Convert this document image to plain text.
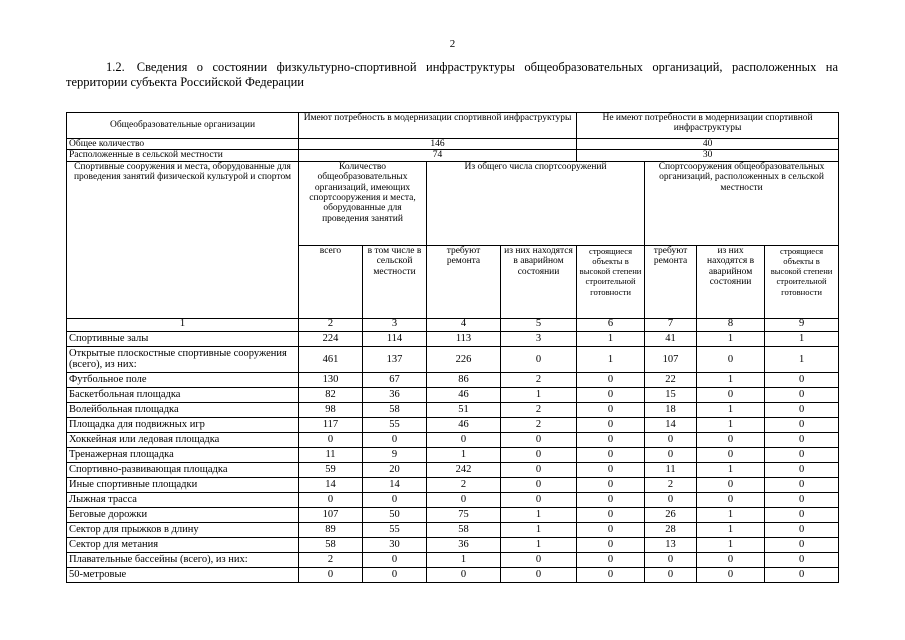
2
1.2. Сведения о состоянии физкультурно-спортивной инфраструктуры общеобразовательных организаций, расположенных на территории субъекта Российской Федерации
Общеобразовательные организации	Имеют потребность в модернизации спортивной инфраструктуры				Не имеют потребности в модернизации спортивной инфраструктуры			
Общее количество	146				40			
Расположенные в сельской местности	74				30			
Спортивные сооружения и места, оборудованные для проведения занятий физической культурой и спортом	Количество общеобразовательных организаций, имеющих спортсооружения и места, оборудованные для проведения занятий		Из общего числа спортсооружений			Спортсооружения общеобразовательных организаций, расположенных в сельской местности		
	всего	в том числе в сельской местности	требуют ремонта	из них находятся в аварийном состоянии	строящиеся объекты в высокой степени строительной готовности	требуют ремонта	из них находятся в аварийном состоянии	строящиеся объекты в высокой степени строительной готовности
1	2	3	4	5	6	7	8	9
Спортивные залы	224	114	113	3	1	41	1	1
Открытые плоскостные спортивные сооружения (всего), из них:	461	137	226	0	1	107	0	1
Футбольное поле	130	67	86	2	0	22	1	0
Баскетбольная площадка	82	36	46	1	0	15	0	0
Волейбольная площадка	98	58	51	2	0	18	1	0
Площадка для подвижных игр	117	55	46	2	0	14	1	0
Хоккейная или ледовая площадка	0	0	0	0	0	0	0	0
Тренажерная площадка	11	9	1	0	0	0	0	0
Спортивно-развивающая площадка	59	20	242	0	0	11	1	0
Иные спортивные площадки	14	14	2	0	0	2	0	0
Лыжная трасса	0	0	0	0	0	0	0	0
Беговые дорожки	107	50	75	1	0	26	1	0
Сектор для прыжков в длину	89	55	58	1	0	28	1	0
Сектор для метания	58	30	36	1	0	13	1	0
Плавательные бассейны (всего), из них:	2	0	1	0	0	0	0	0
50-метровые	0	0	0	0	0	0	0	0
